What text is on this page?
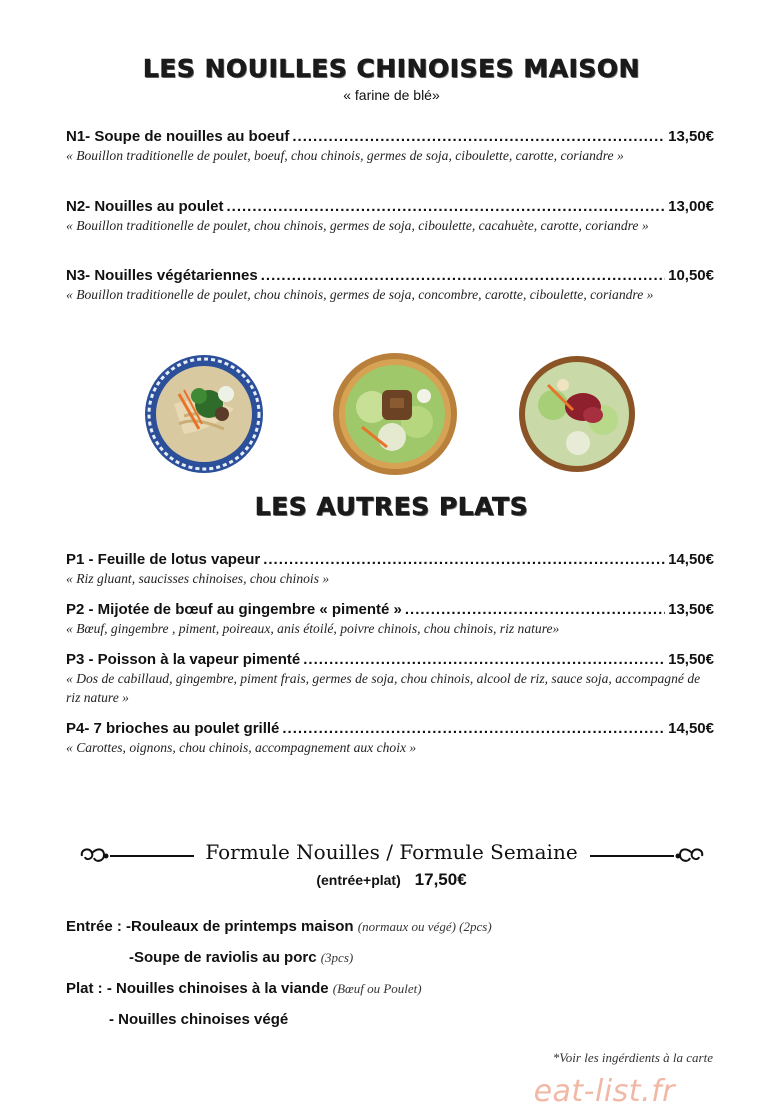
LES NOUILLES CHINOISES MAISON
« farine de blé»
N1- Soupe de nouilles au boeuf .....	13,50€
« Bouillon traditionelle de poulet, boeuf, chou chinois, germes de soja, ciboulette, carotte, coriandre »
N2- Nouilles au poulet .....	13,00€
« Bouillon traditionelle de poulet, chou chinois, germes de soja, ciboulette, cacahuète, carotte, coriandre »
N3- Nouilles végétariennes .....	10,50€
« Bouillon traditionelle de poulet, chou chinois, germes de soja, concombre, carotte, ciboulette, coriandre »
LES AUTRES PLATS
P1 - Feuille de lotus vapeur .....	14,50€
« Riz gluant, saucisses chinoises, chou chinois »
P2 - Mijotée de bœuf au gingembre « pimenté » .....	13,50€
« Bœuf, gingembre , piment, poireaux, anis étoilé, poivre chinois, chou chinois, riz nature»
P3 - Poisson à la vapeur pimenté .....	15,50€
« Dos de cabillaud, gingembre, piment frais, germes de soja, chou chinois, alcool de riz, sauce soja, accompagné de riz nature »
P4- 7 brioches au poulet grillé .....	14,50€
« Carottes, oignons, chou chinois, accompagnement aux choix »
Formule Nouilles / Formule Semaine
(entrée+plat) 17,50€
Entrée : -Rouleaux de printemps maison (normaux ou végé) (2pcs)
-Soupe de raviolis au porc (3pcs)
Plat : - Nouilles chinoises à la viande (Bœuf ou Poulet)
- Nouilles chinoises végé
*Voir les ingérdients à la carte
eat-list.fr
